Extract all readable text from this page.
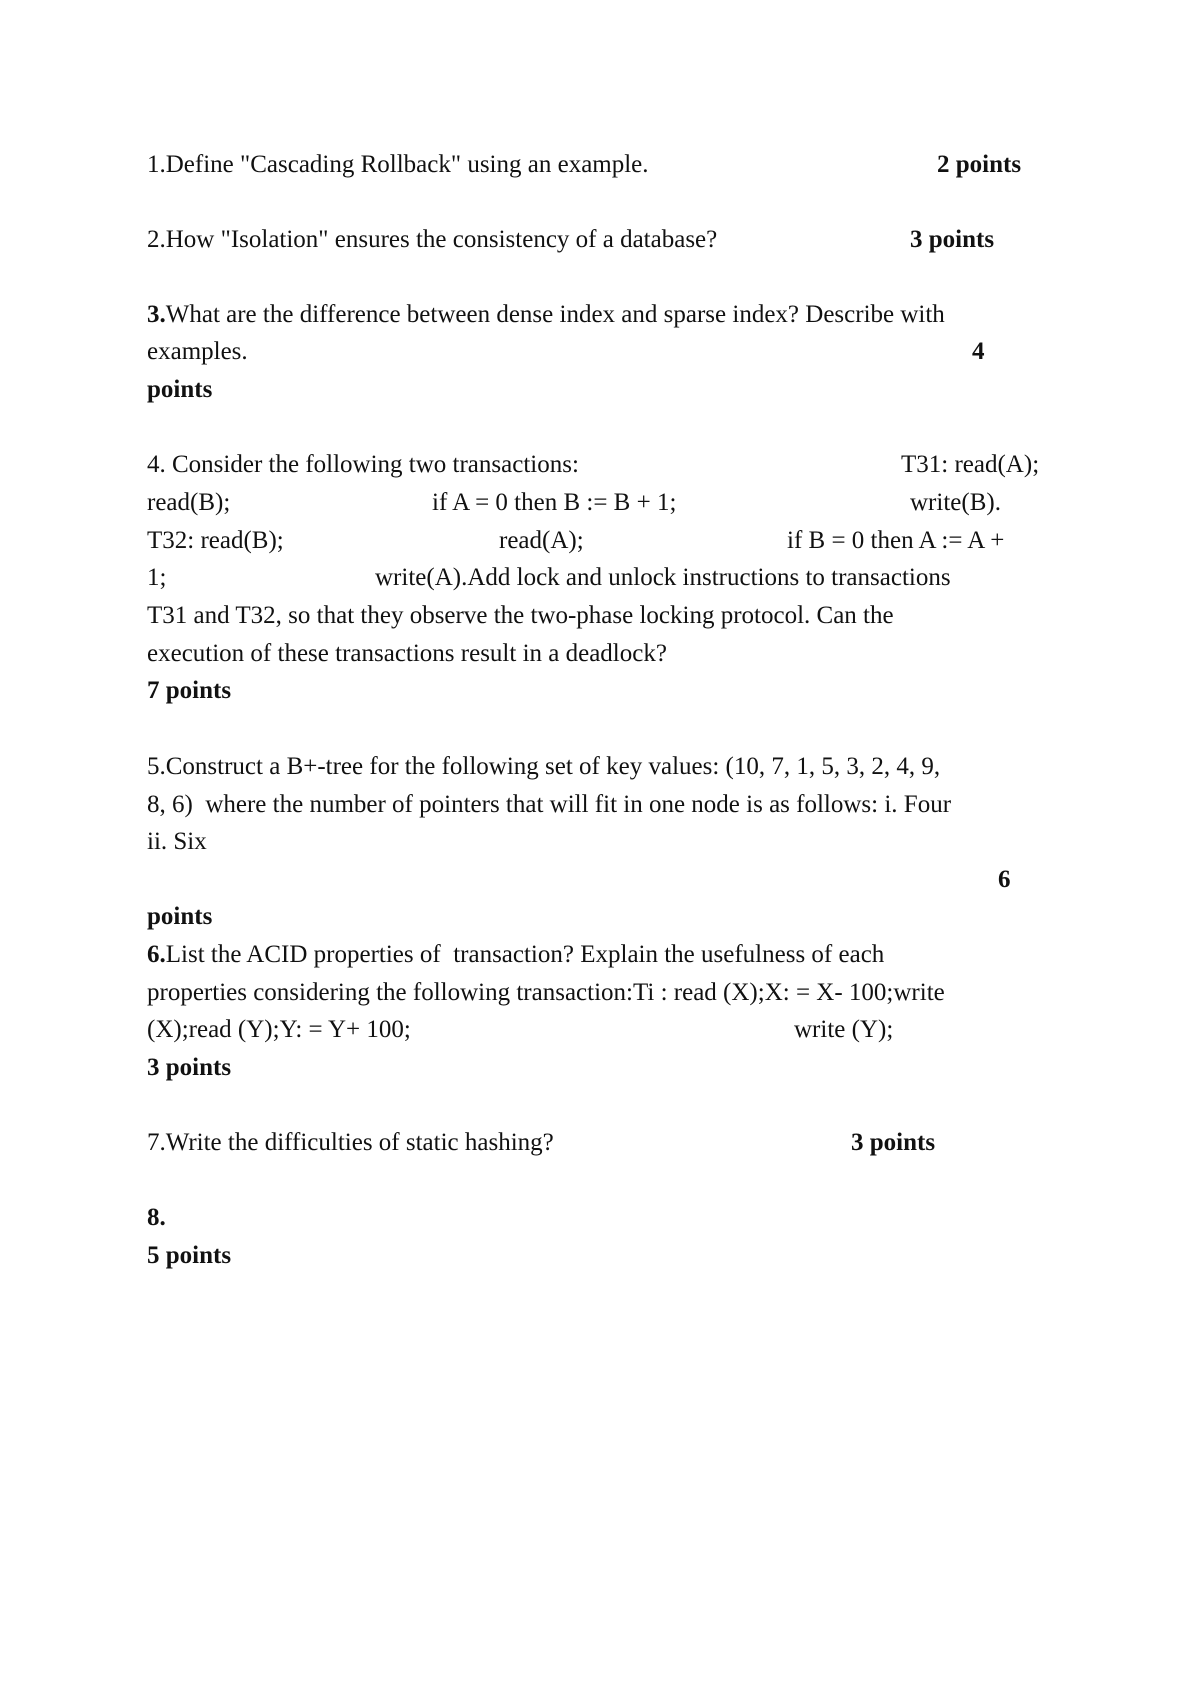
1.Define "Cascading Rollback" using an example.	2 points
2.How "Isolation" ensures the consistency of a database?	3 points
3.What are the difference between dense index and sparse index? Describe with
examples.	4
points
4. Consider the following two transactions:	T31: read(A);
read(B);	if A = 0 then B := B + 1;	write(B).
T32: read(B);	read(A);	if B = 0 then A := A +
1;	write(A).Add lock and unlock instructions to transactions
T31 and T32, so that they observe the two-phase locking protocol. Can the
execution of these transactions result in a deadlock?
7 points
5.Construct a B+-tree for the following set of key values: (10, 7, 1, 5, 3, 2, 4, 9,
8, 6)  where the number of pointers that will fit in one node is as follows: i. Four
ii. Six
6
points
6.List the ACID properties of  transaction? Explain the usefulness of each
properties considering the following transaction:Ti : read (X);X: = X- 100;write
(X);read (Y);Y: = Y+ 100;	write (Y);
3 points
7.Write the difficulties of static hashing?	3 points
8.
5 points
